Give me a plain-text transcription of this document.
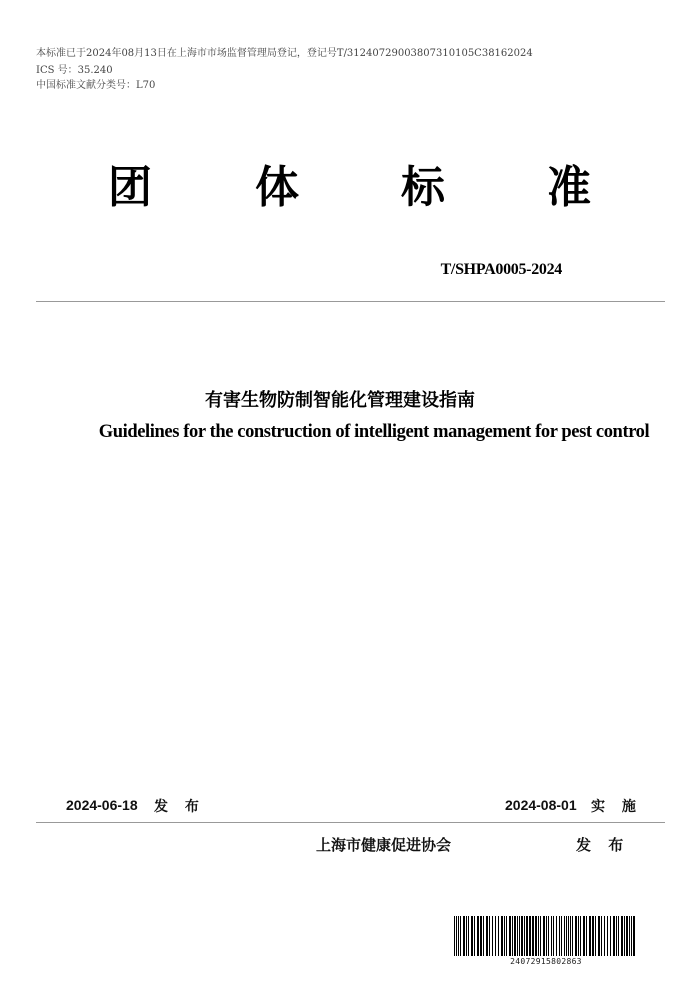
本标准已于2024年08月13日在上海市市场监督管理局登记，登记号T/31240729003807310105C38162024
ICS 号：35.240
中国标准文献分类号：L70
团 体 标 准
T/SHPA0005-2024
有害生物防制智能化管理建设指南
Guidelines for the construction of intelligent management for pest control
2024-06-18 发 布	2024-08-01 实 施
上海市健康促进协会	发 布
24072915802863
